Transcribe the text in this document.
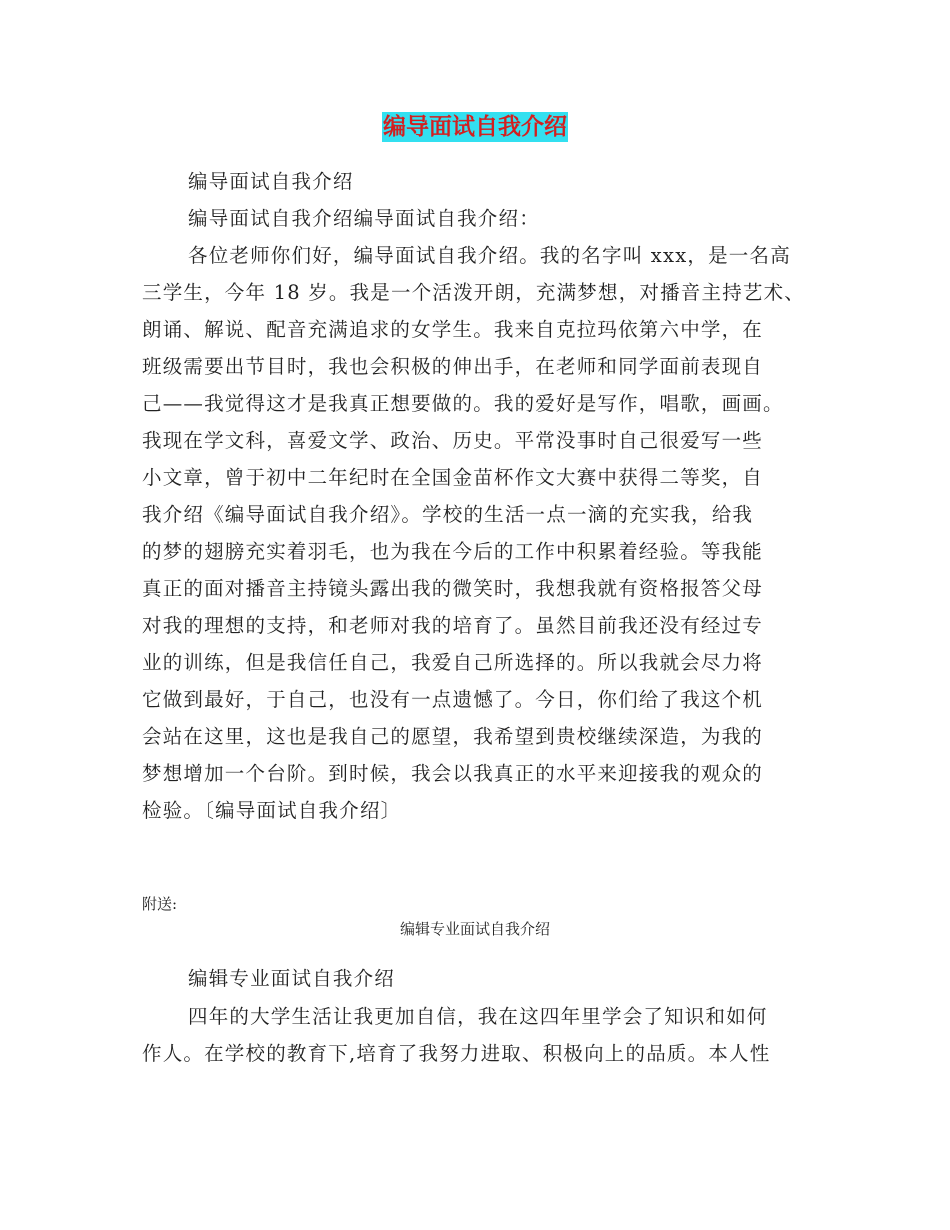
编导面试自我介绍
编导面试自我介绍
编导面试自我介绍编导面试自我介绍：
各位老师你们好，编导面试自我介绍。我的名字叫 xxx，是一名高
三学生，今年 18 岁。我是一个活泼开朗，充满梦想，对播音主持艺术、
朗诵、解说、配音充满追求的女学生。我来自克拉玛依第六中学，在
班级需要出节目时，我也会积极的伸出手，在老师和同学面前表现自
己——我觉得这才是我真正想要做的。我的爱好是写作，唱歌，画画。
我现在学文科，喜爱文学、政治、历史。平常没事时自己很爱写一些
小文章，曾于初中二年纪时在全国金苗杯作文大赛中获得二等奖，自
我介绍《编导面试自我介绍》。学校的生活一点一滴的充实我，给我
的梦的翅膀充实着羽毛，也为我在今后的工作中积累着经验。等我能
真正的面对播音主持镜头露出我的微笑时，我想我就有资格报答父母
对我的理想的支持，和老师对我的培育了。虽然目前我还没有经过专
业的训练，但是我信任自己，我爱自己所选择的。所以我就会尽力将
它做到最好，于自己，也没有一点遗憾了。今日，你们给了我这个机
会站在这里，这也是我自己的愿望，我希望到贵校继续深造，为我的
梦想增加一个台阶。到时候，我会以我真正的水平来迎接我的观众的
检验。〔编导面试自我介绍〕
附送:
编辑专业面试自我介绍
编辑专业面试自我介绍
四年的大学生活让我更加自信，我在这四年里学会了知识和如何
作人。在学校的教育下,培育了我努力进取、积极向上的品质。本人性
